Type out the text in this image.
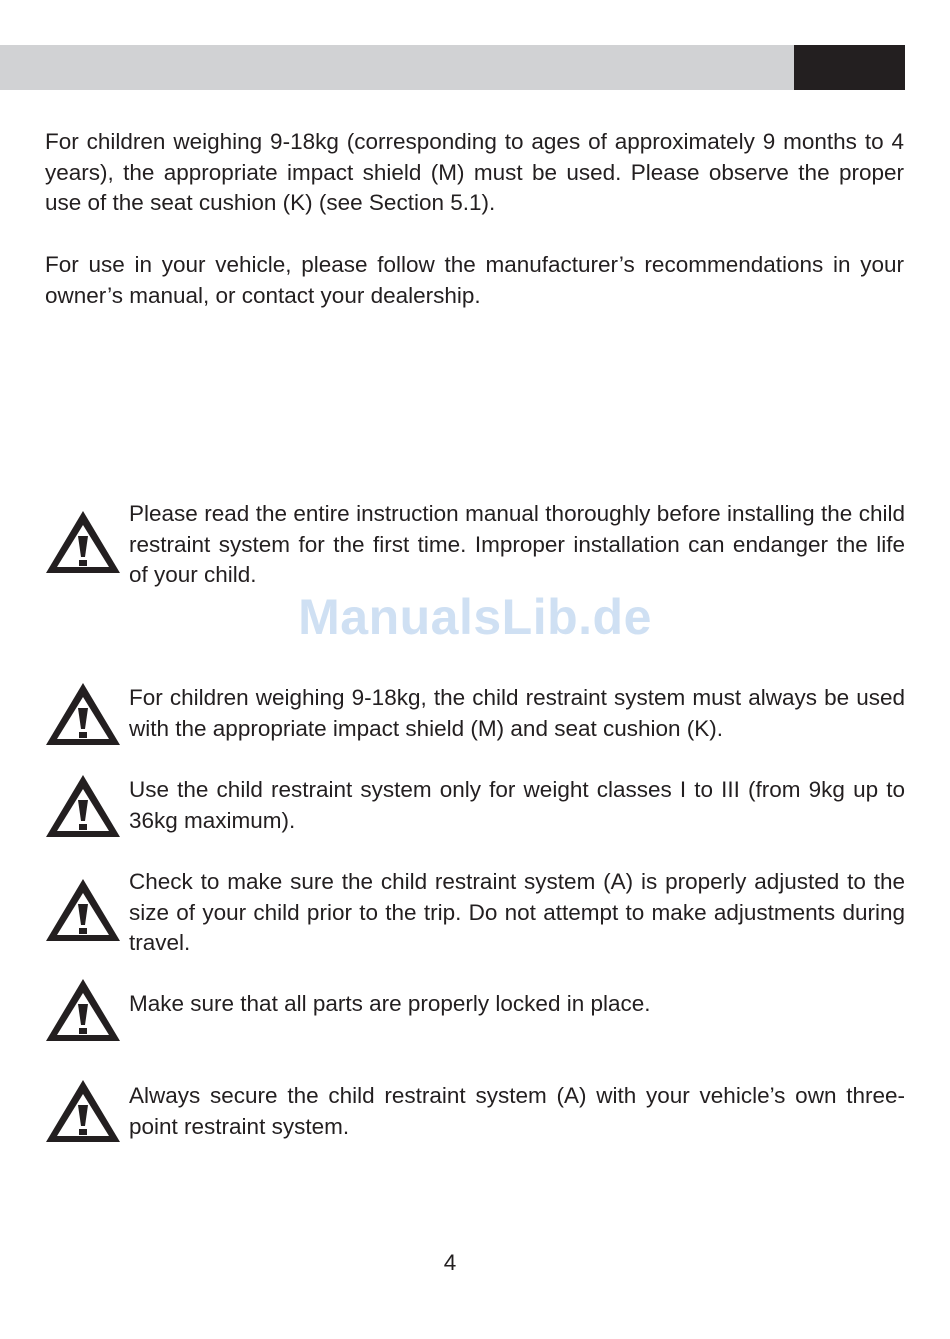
For children weighing 9-18kg (corresponding to ages of approximately 9 months to 4 years), the appropriate impact shield (M) must be used. Please observe the proper use of the seat cushion (K) (see Section 5.1).

For use in your vehicle, please follow the manufacturer’s recommendations in your owner’s manual, or contact your dealership.

Please read the entire instruction manual thoroughly before installing the child restraint system for the first time. Improper installation can endanger the life of your child.

ManualsLib.de

For children weighing 9-18kg, the child restraint system must always be used with the appropriate impact shield (M) and seat cushion (K).

Use the child restraint system only for weight classes I to III (from 9kg up to 36kg maximum).

Check to make sure the child restraint system (A) is properly adjusted to the size of your child prior to the trip. Do not attempt to make adjustments during travel.

Make sure that all parts are properly locked in place.

Always secure the child restraint system (A) with your vehicle’s own three-point restraint system.

4
